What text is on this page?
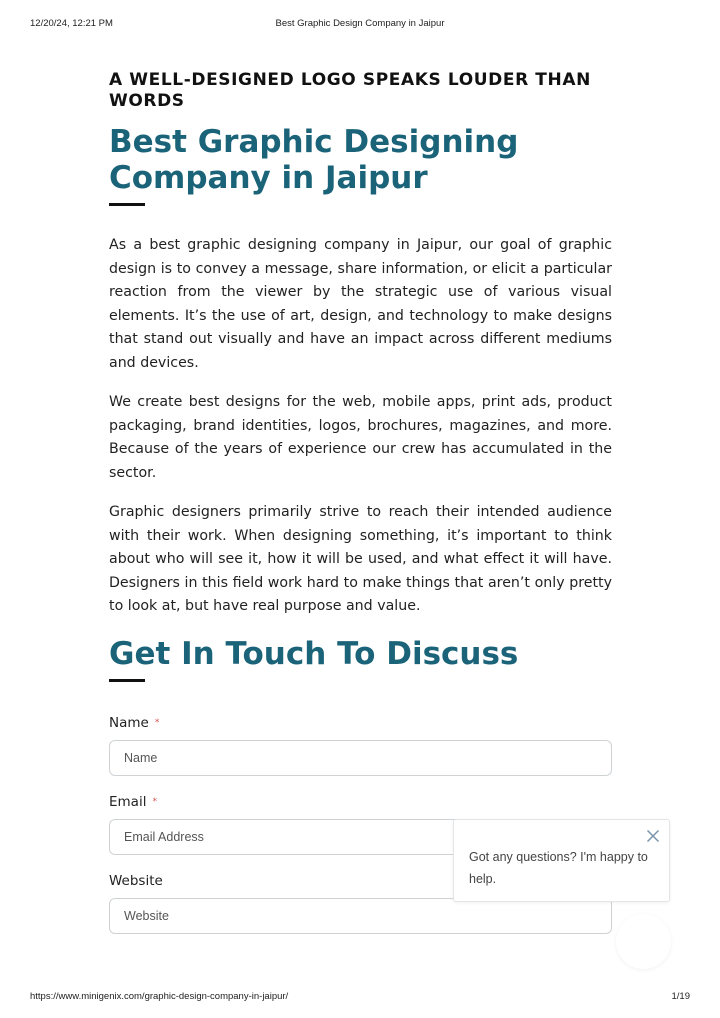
12/20/24, 12:21 PM	Best Graphic Design Company in Jaipur
A WELL-DESIGNED LOGO SPEAKS LOUDER THAN WORDS
Best Graphic Designing Company in Jaipur

As a best graphic designing company in Jaipur, our goal of graphic design is to convey a message, share information, or elicit a particular reaction from the viewer by the strategic use of various visual elements. It’s the use of art, design, and technology to make designs that stand out visually and have an impact across different mediums and devices.

We create best designs for the web, mobile apps, print ads, product packaging, brand identities, logos, brochures, magazines, and more. Because of the years of experience our crew has accumulated in the sector.

Graphic designers primarily strive to reach their intended audience with their work. When designing something, it’s important to think about who will see it, how it will be used, and what effect it will have. Designers in this field work hard to make things that aren’t only pretty to look at, but have real purpose and value.

Get In Touch To Discuss
Name *
Name
Email *
Email Address
Website
Website
Got any questions? I'm happy to help.
https://www.minigenix.com/graphic-design-company-in-jaipur/	1/19
